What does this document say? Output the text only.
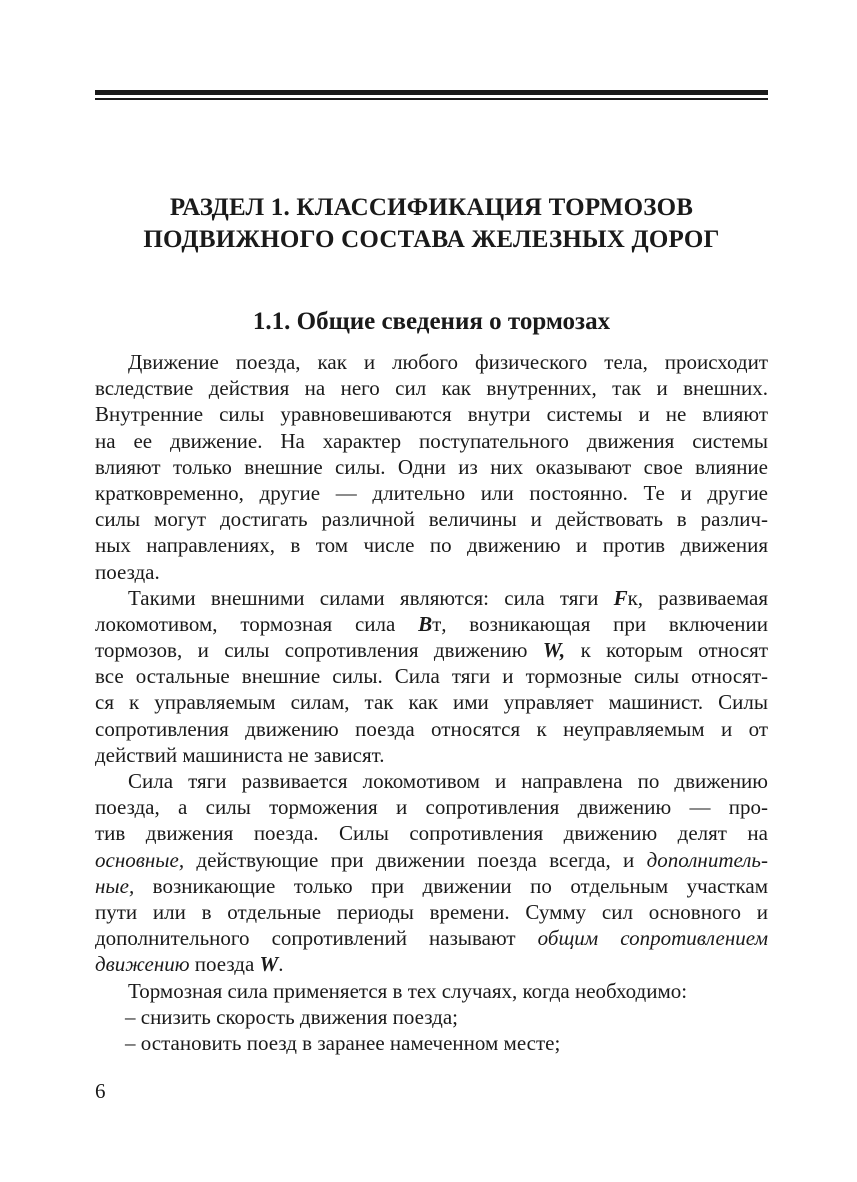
РАЗДЕЛ 1. КЛАССИФИКАЦИЯ ТОРМОЗОВ
ПОДВИЖНОГО СОСТАВА ЖЕЛЕЗНЫХ ДОРОГ
1.1. Общие сведения о тормозах
Движение поезда, как и любого физического тела, происходит
вследствие действия на него сил как внутренних, так и внешних.
Внутренние силы уравновешиваются внутри системы и не влияют
на ее движение. На характер поступательного движения системы
влияют только внешние силы. Одни из них оказывают свое влияние
кратковременно, другие — длительно или постоянно. Те и другие
силы могут достигать различной величины и действовать в различ-
ных направлениях, в том числе по движению и против движения
поезда.
Такими внешними силами являются: сила тяги Fк, развиваемая
локомотивом, тормозная сила Bт, возникающая при включении
тормозов, и силы сопротивления движению W, к которым относят
все остальные внешние силы. Сила тяги и тормозные силы относят-
ся к управляемым силам, так как ими управляет машинист. Силы
сопротивления движению поезда относятся к неуправляемым и от
действий машиниста не зависят.
Сила тяги развивается локомотивом и направлена по движению
поезда, а силы торможения и сопротивления движению — про-
тив движения поезда. Силы сопротивления движению делят на
основные, действующие при движении поезда всегда, и дополнитель-
ные, возникающие только при движении по отдельным участкам
пути или в отдельные периоды времени. Сумму сил основного и
дополнительного сопротивлений называют общим сопротивлением
движению поезда W.
Тормозная сила применяется в тех случаях, когда необходимо:
– снизить скорость движения поезда;
– остановить поезд в заранее намеченном месте;
6
